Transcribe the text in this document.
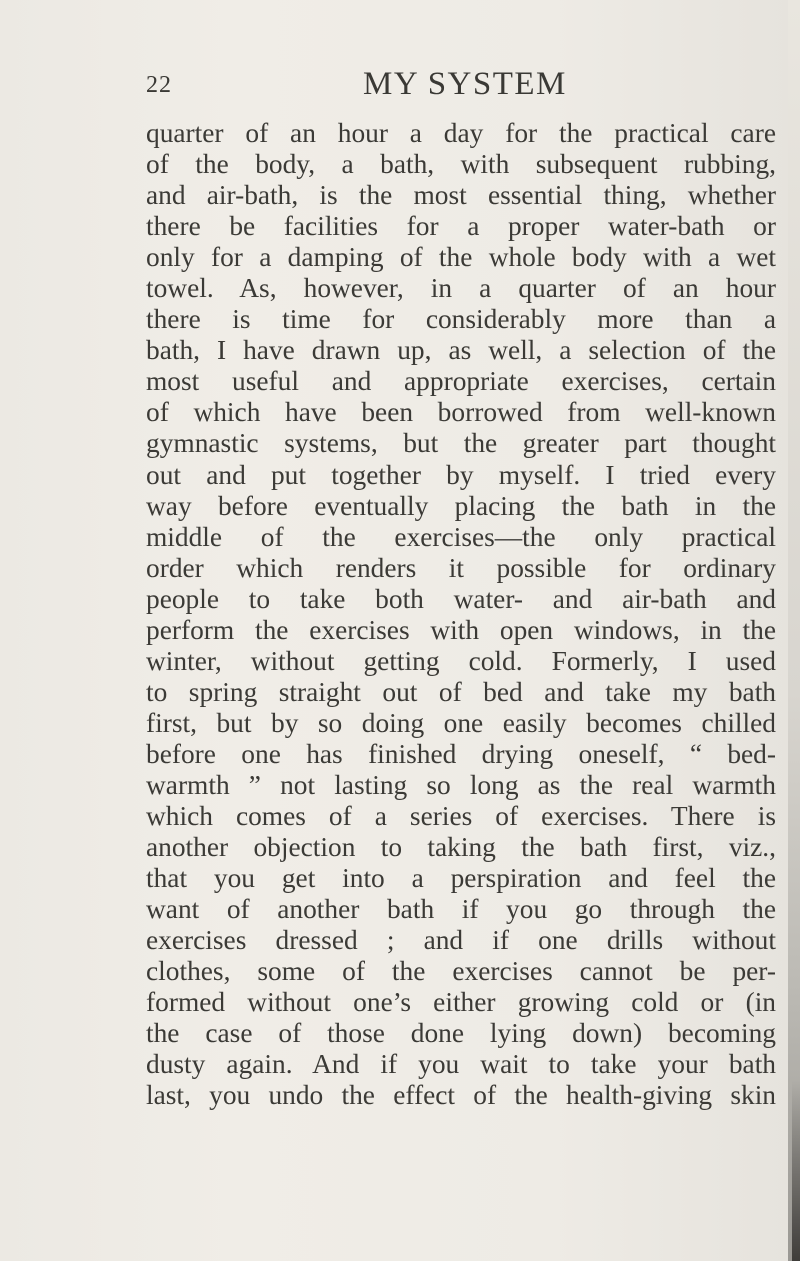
22	MY SYSTEM
quarter of an hour a day for the practical care
of the body, a bath, with subsequent rubbing,
and air-bath, is the most essential thing, whether
there be facilities for a proper water-bath or
only for a damping of the whole body with a wet
towel. As, however, in a quarter of an hour
there is time for considerably more than a
bath, I have drawn up, as well, a selection of the
most useful and appropriate exercises, certain
of which have been borrowed from well-known
gymnastic systems, but the greater part thought
out and put together by myself. I tried every
way before eventually placing the bath in the
middle of the exercises—the only practical
order which renders it possible for ordinary
people to take both water- and air-bath and
perform the exercises with open windows, in the
winter, without getting cold. Formerly, I used
to spring straight out of bed and take my bath
first, but by so doing one easily becomes chilled
before one has finished drying oneself, “ bed-
warmth ” not lasting so long as the real warmth
which comes of a series of exercises. There is
another objection to taking the bath first, viz.,
that you get into a perspiration and feel the
want of another bath if you go through the
exercises dressed ; and if one drills without
clothes, some of the exercises cannot be per-
formed without one’s either growing cold or (in
the case of those done lying down) becoming
dusty again. And if you wait to take your bath
last, you undo the effect of the health-giving skin
